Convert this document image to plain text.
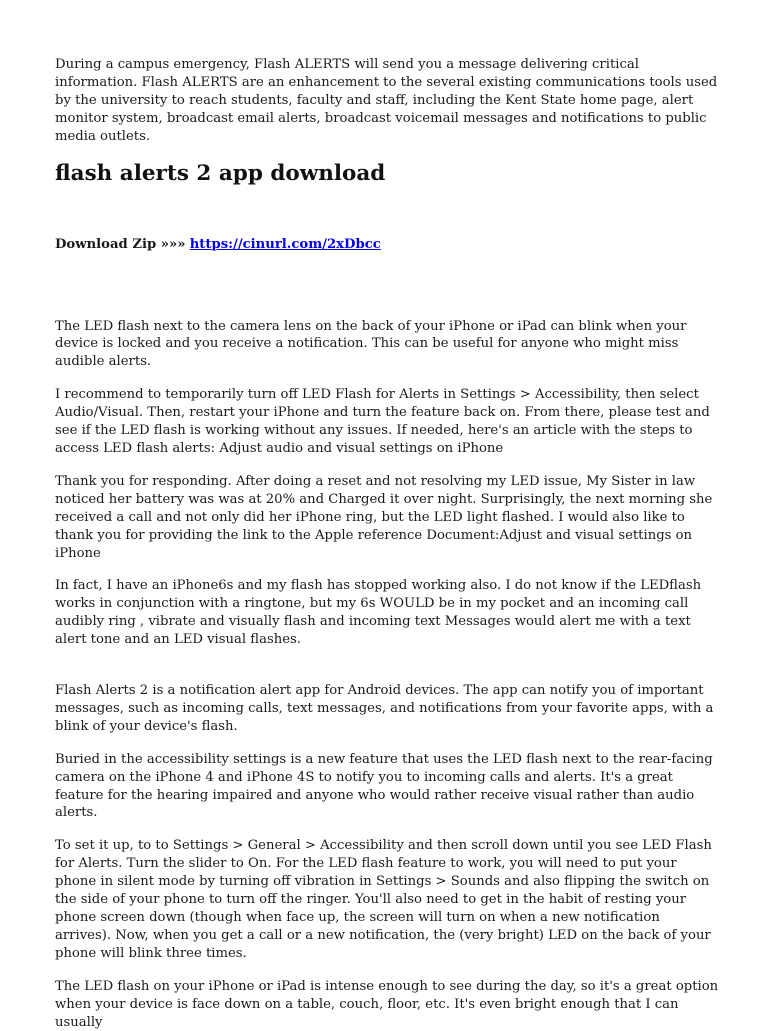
During a campus emergency, Flash ALERTS will send you a message delivering critical information. Flash ALERTS are an enhancement to the several existing communications tools used by the university to reach students, faculty and staff, including the Kent State home page, alert monitor system, broadcast email alerts, broadcast voicemail messages and notifications to public media outlets.

flash alerts 2 app download
Download Zip »»» https://cinurl.com/2xDbcc

The LED flash next to the camera lens on the back of your iPhone or iPad can blink when your device is locked and you receive a notification. This can be useful for anyone who might miss audible alerts.

I recommend to temporarily turn off LED Flash for Alerts in Settings > Accessibility, then select Audio/Visual. Then, restart your iPhone and turn the feature back on. From there, please test and see if the LED flash is working without any issues. If needed, here's an article with the steps to access LED flash alerts: Adjust audio and visual settings on iPhone

Thank you for responding. After doing a reset and not resolving my LED issue, My Sister in law noticed her battery was was at 20% and Charged it over night. Surprisingly, the next morning she received a call and not only did her iPhone ring, but the LED light flashed. I would also like to thank you for providing the link to the Apple reference Document:Adjust and visual settings on iPhone

In fact, I have an iPhone6s and my flash has stopped working also. I do not know if the LEDflash works in conjunction with a ringtone, but my 6s WOULD be in my pocket and an incoming call audibly ring , vibrate and visually flash and incoming text Messages would alert me with a text alert tone and an LED visual flashes.

Flash Alerts 2 is a notification alert app for Android devices. The app can notify you of important messages, such as incoming calls, text messages, and notifications from your favorite apps, with a blink of your device's flash.

Buried in the accessibility settings is a new feature that uses the LED flash next to the rear-facing camera on the iPhone 4 and iPhone 4S to notify you to incoming calls and alerts. It's a great feature for the hearing impaired and anyone who would rather receive visual rather than audio alerts.

To set it up, to to Settings > General > Accessibility and then scroll down until you see LED Flash for Alerts. Turn the slider to On. For the LED flash feature to work, you will need to put your phone in silent mode by turning off vibration in Settings > Sounds and also flipping the switch on the side of your phone to turn off the ringer. You'll also need to get in the habit of resting your phone screen down (though when face up, the screen will turn on when a new notification arrives). Now, when you get a call or a new notification, the (very bright) LED on the back of your phone will blink three times.

The LED flash on your iPhone or iPad is intense enough to see during the day, so it's a great option when your device is face down on a table, couch, floor, etc. It's even bright enough that I can usually
